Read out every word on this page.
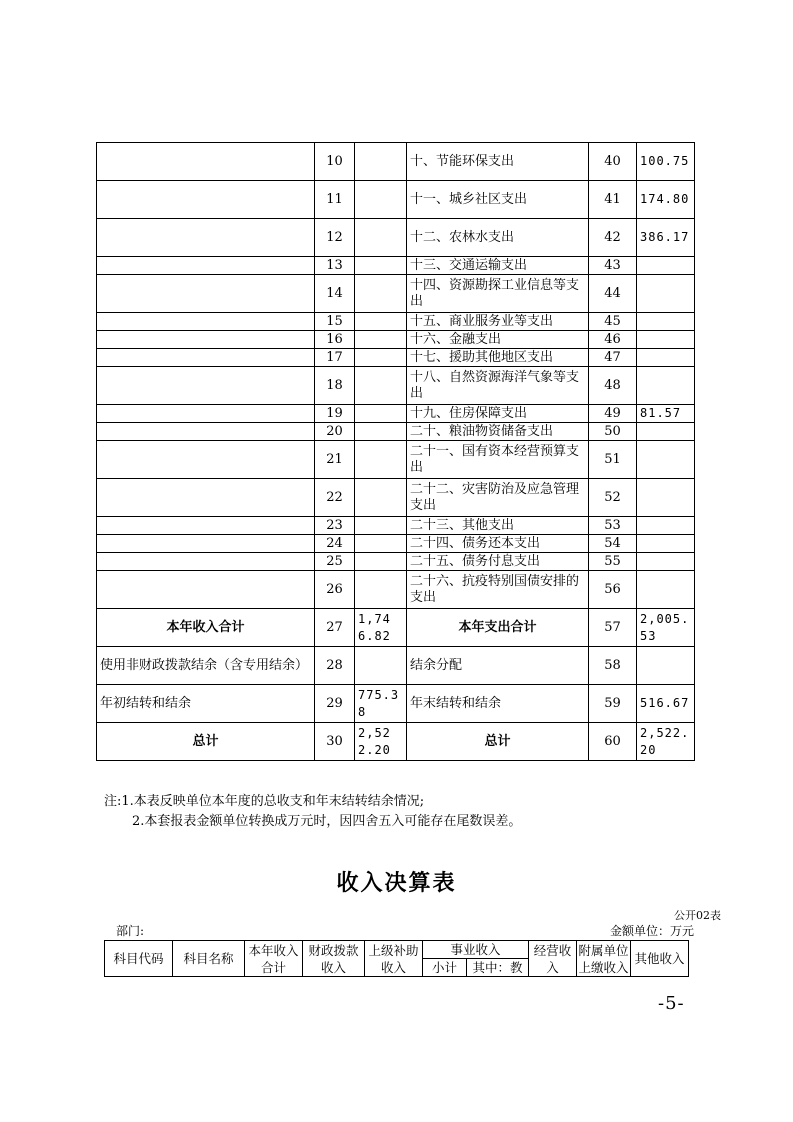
	10		十、节能环保支出	40	100.75
	11		十一、城乡社区支出	41	174.80
	12		十二、农林水支出	42	386.17
	13		十三、交通运输支出	43	
	14		十四、资源勘探工业信息等支出	44	
	15		十五、商业服务业等支出	45	
	16		十六、金融支出	46	
	17		十七、援助其他地区支出	47	
	18		十八、自然资源海洋气象等支出	48	
	19		十九、住房保障支出	49	81.57
	20		二十、粮油物资储备支出	50	
	21		二十一、国有资本经营预算支出	51	
	22		二十二、灾害防治及应急管理支出	52	
	23		二十三、其他支出	53	
	24		二十四、债务还本支出	54	
	25		二十五、债务付息支出	55	
	26		二十六、抗疫特别国债安排的支出	56	
本年收入合计	27	1,746.82	本年支出合计	57	2,005.53
使用非财政拨款结余（含专用结余）	28		结余分配	58	
年初结转和结余	29	775.38	年末结转和结余	59	516.67
总计	30	2,522.20	总计	60	2,522.20
注:1.本表反映单位本年度的总收支和年末结转结余情况;
2.本套报表金额单位转换成万元时，因四舍五入可能存在尾数误差。
收入决算表
公开02表
部门:	金额单位：万元
科目代码	科目名称	本年收入合计	财政拨款收入	上级补助收入	事业收入		经营收入	附属单位上缴收入	其他收入
					小计	其中：教			
-5-
